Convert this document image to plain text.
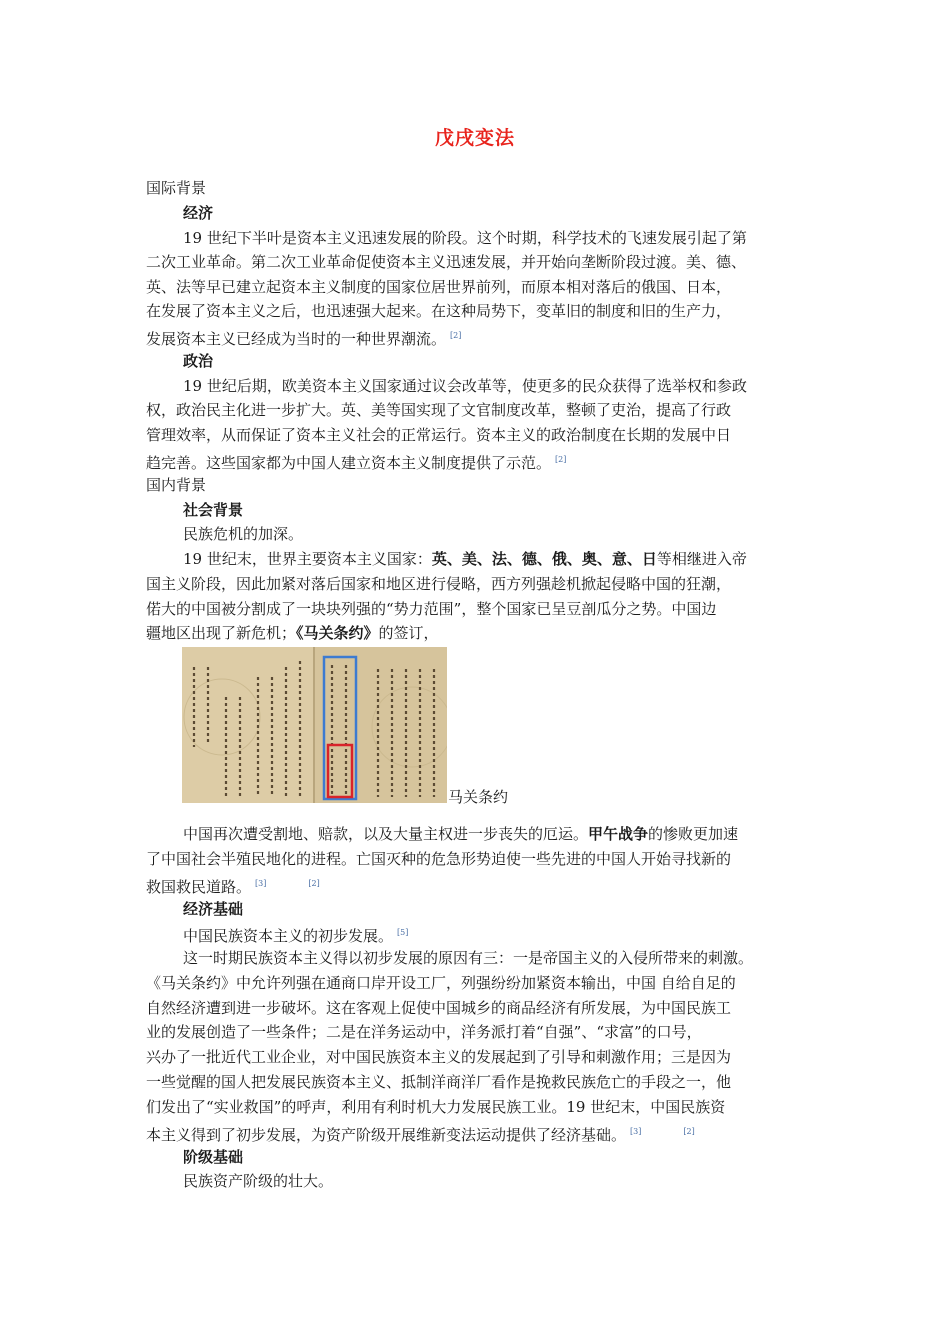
戊戌变法
国际背景
经济
19 世纪下半叶是资本主义迅速发展的阶段。这个时期，科学技术的飞速发展引起了第
二次工业革命。第二次工业革命促使资本主义迅速发展，并开始向垄断阶段过渡。美、德、
英、法等早已建立起资本主义制度的国家位居世界前列，而原本相对落后的俄国、日本，
在发展了资本主义之后，也迅速强大起来。在这种局势下，变革旧的制度和旧的生产力，
发展资本主义已经成为当时的一种世界潮流。 [2]
政治
19 世纪后期，欧美资本主义国家通过议会改革等，使更多的民众获得了选举权和参政
权，政治民主化进一步扩大。英、美等国实现了文官制度改革，整顿了吏治，提高了行政
管理效率，从而保证了资本主义社会的正常运行。资本主义的政治制度在长期的发展中日
趋完善。这些国家都为中国人建立资本主义制度提供了示范。 [2]
国内背景
社会背景
民族危机的加深。
19 世纪末，世界主要资本主义国家：英、美、法、德、俄、奥、意、日等相继进入帝
国主义阶段，因此加紧对落后国家和地区进行侵略，西方列强趁机掀起侵略中国的狂潮，
偌大的中国被分割成了一块块列强的“势力范围”，整个国家已呈豆剖瓜分之势。中国边
疆地区出现了新危机；《马关条约》的签订，
马关条约
中国再次遭受割地、赔款，以及大量主权进一步丧失的厄运。甲午战争的惨败更加速
了中国社会半殖民地化的进程。亡国灭种的危急形势迫使一些先进的中国人开始寻找新的
救国救民道路。 [3]	[2]
经济基础
中国民族资本主义的初步发展。 [5]
这一时期民族资本主义得以初步发展的原因有三：一是帝国主义的入侵所带来的刺激。
《马关条约》中允许列强在通商口岸开设工厂，列强纷纷加紧资本输出，中国 自给自足的
自然经济遭到进一步破坏。这在客观上促使中国城乡的商品经济有所发展，为中国民族工
业的发展创造了一些条件；二是在洋务运动中，洋务派打着“自强”、“求富”的口号，
兴办了一批近代工业企业，对中国民族资本主义的发展起到了引导和刺激作用；三是因为
一些觉醒的国人把发展民族资本主义、抵制洋商洋厂看作是挽救民族危亡的手段之一，他
们发出了“实业救国”的呼声，利用有利时机大力发展民族工业。19 世纪末，中国民族资
本主义得到了初步发展，为资产阶级开展维新变法运动提供了经济基础。 [3]	[2]
阶级基础
民族资产阶级的壮大。
